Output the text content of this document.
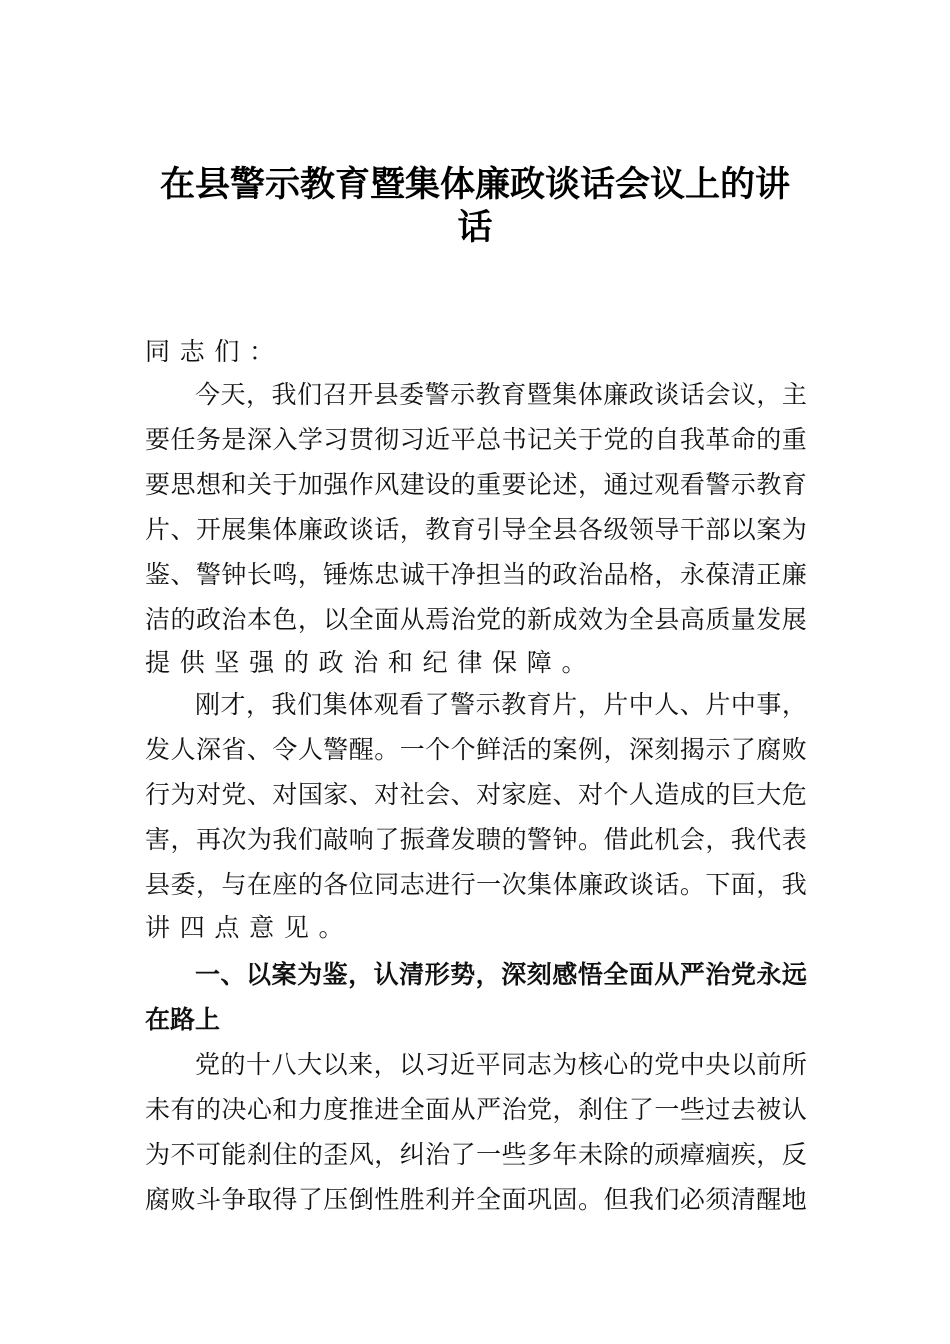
在县警示教育暨集体廉政谈话会议上的讲
话
同 志 们 ：
今 天 ， 我 们 召 开 县 委 警 示 教 育 暨 集 体 廉 政 谈 话 会 议 ， 主
要 任 务 是 深 入 学 习 贯 彻 习 近 平 总 书 记 关 于 党 的 自 我 革 命 的 重
要 思 想 和 关 于 加 强 作 风 建 设 的 重 要 论 述 ， 通 过 观 看 警 示 教 育
片 、 开 展 集 体 廉 政 谈 话 ， 教 育 引 导 全 县 各 级 领 导 干 部 以 案 为
鉴 、 警 钟 长 鸣 ， 锤 炼 忠 诚 干 净 担 当 的 政 治 品 格 ， 永 葆 清 正 廉
洁 的 政 治 本 色 ， 以 全 面 从 焉 治 党 的 新 成 效 为 全 县 高 质 量 发 展
提 供 坚 强 的 政 治 和 纪 律 保 障 。
刚 才 ， 我 们 集 体 观 看 了 警 示 教 育 片 ， 片 中 人 、 片 中 事 ，
发 人 深 省 、 令 人 警 醒 。 一 个 个 鲜 活 的 案 例 ， 深 刻 揭 示 了 腐 败
行 为 对 党 、 对 国 家 、 对 社 会 、 对 家 庭 、 对 个 人 造 成 的 巨 大 危
害 ， 再 次 为 我 们 敲 响 了 振 聋 发 聩 的 警 钟 。 借 此 机 会 ， 我 代 表
县 委 ， 与 在 座 的 各 位 同 志 进 行 一 次 集 体 廉 政 谈 话 。 下 面 ， 我
讲 四 点 意 见 。
一 、 以 案 为 鉴 ， 认 清 形 势 ， 深 刻 感 悟 全 面 从 严 治 党 永 远
在 路 上
党 的 十 八 大 以 来 ， 以 习 近 平 同 志 为 核 心 的 党 中 央 以 前 所
未 有 的 决 心 和 力 度 推 进 全 面 从 严 治 党 ， 刹 住 了 一 些 过 去 被 认
为 不 可 能 刹 住 的 歪 风 ， 纠 治 了 一 些 多 年 未 除 的 顽 瘴 痼 疾 ， 反
腐 败 斗 争 取 得 了 压 倒 性 胜 利 并 全 面 巩 固 。 但 我 们 必 须 清 醒 地
